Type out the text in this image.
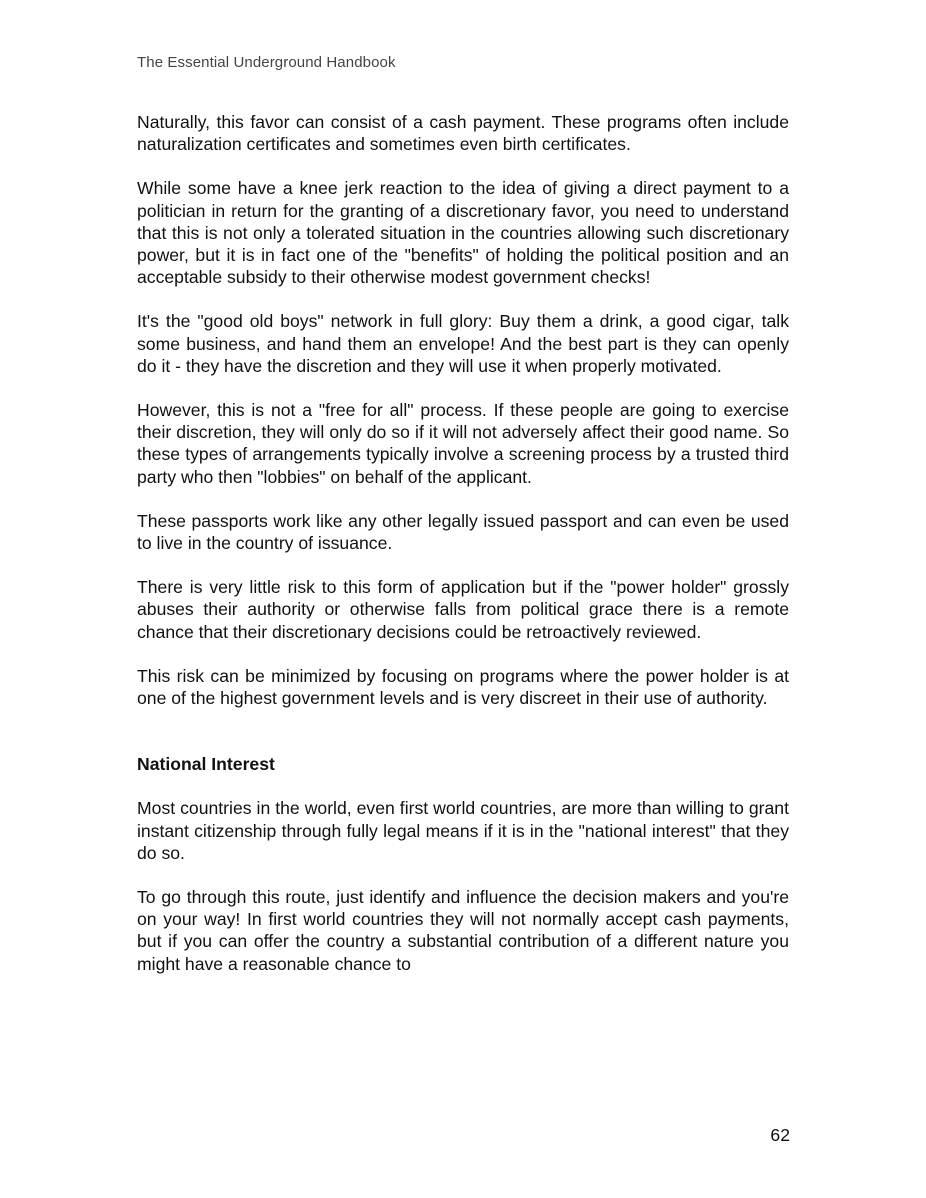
The Essential Underground Handbook

Naturally, this favor can consist of a cash payment. These programs often include naturalization certificates and sometimes even birth certificates.

While some have a knee jerk reaction to the idea of giving a direct payment to a politician in return for the granting of a discretionary favor, you need to understand that this is not only a tolerated situation in the countries allowing such discretionary power, but it is in fact one of the "benefits" of holding the political position and an acceptable subsidy to their otherwise modest government checks!

It's the "good old boys" network in full glory: Buy them a drink, a good cigar, talk some business, and hand them an envelope! And the best part is they can openly do it - they have the discretion and they will use it when properly motivated.

However, this is not a "free for all" process. If these people are going to exercise their discretion, they will only do so if it will not adversely affect their good name. So these types of arrangements typically involve a screening process by a trusted third party who then "lobbies" on behalf of the applicant.

These passports work like any other legally issued passport and can even be used to live in the country of issuance.

There is very little risk to this form of application but if the "power holder" grossly abuses their authority or otherwise falls from political grace there is a remote chance that their discretionary decisions could be retroactively reviewed.

This risk can be minimized by focusing on programs where the power holder is at one of the highest government levels and is very discreet in their use of authority.

National Interest

Most countries in the world, even first world countries, are more than willing to grant instant citizenship through fully legal means if it is in the "national interest" that they do so.

To go through this route, just identify and influence the decision makers and you're on your way! In first world countries they will not normally accept cash payments, but if you can offer the country a substantial contribution of a different nature you might have a reasonable chance to

62
